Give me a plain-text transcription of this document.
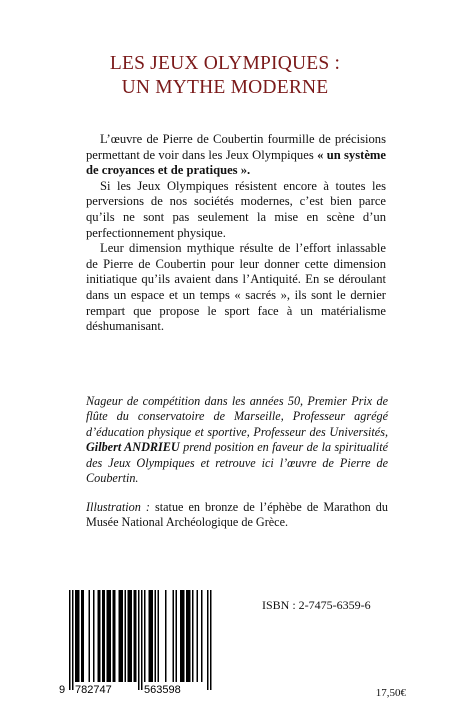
LES JEUX OLYMPIQUES :
UN MYTHE MODERNE

L’œuvre de Pierre de Coubertin fourmille de précisions permettant de voir dans les Jeux Olympiques « un système de croyances et de pratiques ».

Si les Jeux Olympiques résistent encore à toutes les perversions de nos sociétés modernes, c’est bien parce qu’ils ne sont pas seulement la mise en scène d’un perfectionnement physique.

Leur dimension mythique résulte de l’effort inlassable de Pierre de Coubertin pour leur donner cette dimension initiatique qu’ils avaient dans l’Antiquité. En se déroulant dans un espace et un temps « sacrés », ils sont le dernier rempart que propose le sport face à un matérialisme déshumanisant.

Nageur de compétition dans les années 50, Premier Prix de flûte du conservatoire de Marseille, Professeur agrégé d’éducation physique et sportive, Professeur des Universités, Gilbert ANDRIEU prend position en faveur de la spiritualité des Jeux Olympiques et retrouve ici l’œuvre de Pierre de Coubertin.
Illustration : statue en bronze de l’éphèbe de Marathon du Musée National Archéologique de Grèce.
9 782747	563598
ISBN : 2-7475-6359-6
17,50€
